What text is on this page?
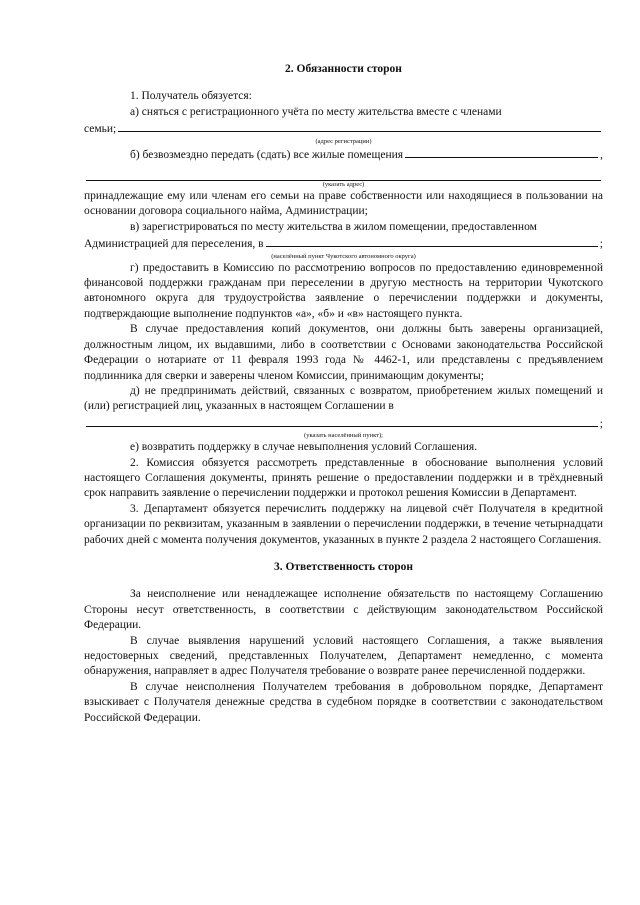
2. Обязанности сторон

1. Получатель обязуется:

а) сняться с регистрационного учёта по месту жительства вместе с членами

семьи;

(адрес регистрации)

б) безвозмездно передать (сдать) все жилые помещения	,

(указать адрес)

принадлежащие ему или членам его семьи на праве собственности или находящиеся в пользовании на основании договора социального найма, Администрации;

в) зарегистрироваться по месту жительства в жилом помещении, предоставленном

Администрацией для переселения, в	;

(населённый пункт Чукотского автономного округа)

г) предоставить в Комиссию по рассмотрению вопросов по предоставлению единовременной финансовой поддержки гражданам при переселении в другую местность на территории Чукотского автономного округа для трудоустройства заявление о перечислении поддержки и документы, подтверждающие выполнение подпунктов «а», «б» и «в» настоящего пункта.

В случае предоставления копий документов, они должны быть заверены организацией, должностным лицом, их выдавшими, либо в соответствии с Основами законодательства Российской Федерации о нотариате от 11 февраля 1993 года № 4462-1, или представлены с предъявлением подлинника для сверки и заверены членом Комиссии, принимающим документы;

д) не предпринимать действий, связанных с возвратом, приобретением жилых помещений и (или) регистрацией лиц, указанных в настоящем Соглашении в

;

(указать населённый пункт);

е) возвратить поддержку в случае невыполнения условий Соглашения.

2. Комиссия обязуется рассмотреть представленные в обоснование выполнения условий настоящего Соглашения документы, принять решение о предоставлении поддержки и в трёхдневный срок направить заявление о перечислении поддержки и протокол решения Комиссии в Департамент.

3. Департамент обязуется перечислить поддержку на лицевой счёт Получателя в кредитной организации по реквизитам, указанным в заявлении о перечислении поддержки, в течение четырнадцати рабочих дней с момента получения документов, указанных в пункте 2 раздела 2 настоящего Соглашения.

3. Ответственность сторон

За неисполнение или ненадлежащее исполнение обязательств по настоящему Соглашению Стороны несут ответственность, в соответствии с действующим законодательством Российской Федерации.

В случае выявления нарушений условий настоящего Соглашения, а также выявления недостоверных сведений, представленных Получателем, Департамент немедленно, с момента обнаружения, направляет в адрес Получателя требование о возврате ранее перечисленной поддержки.

В случае неисполнения Получателем требования в добровольном порядке, Департамент взыскивает с Получателя денежные средства в судебном порядке в соответствии с законодательством Российской Федерации.
